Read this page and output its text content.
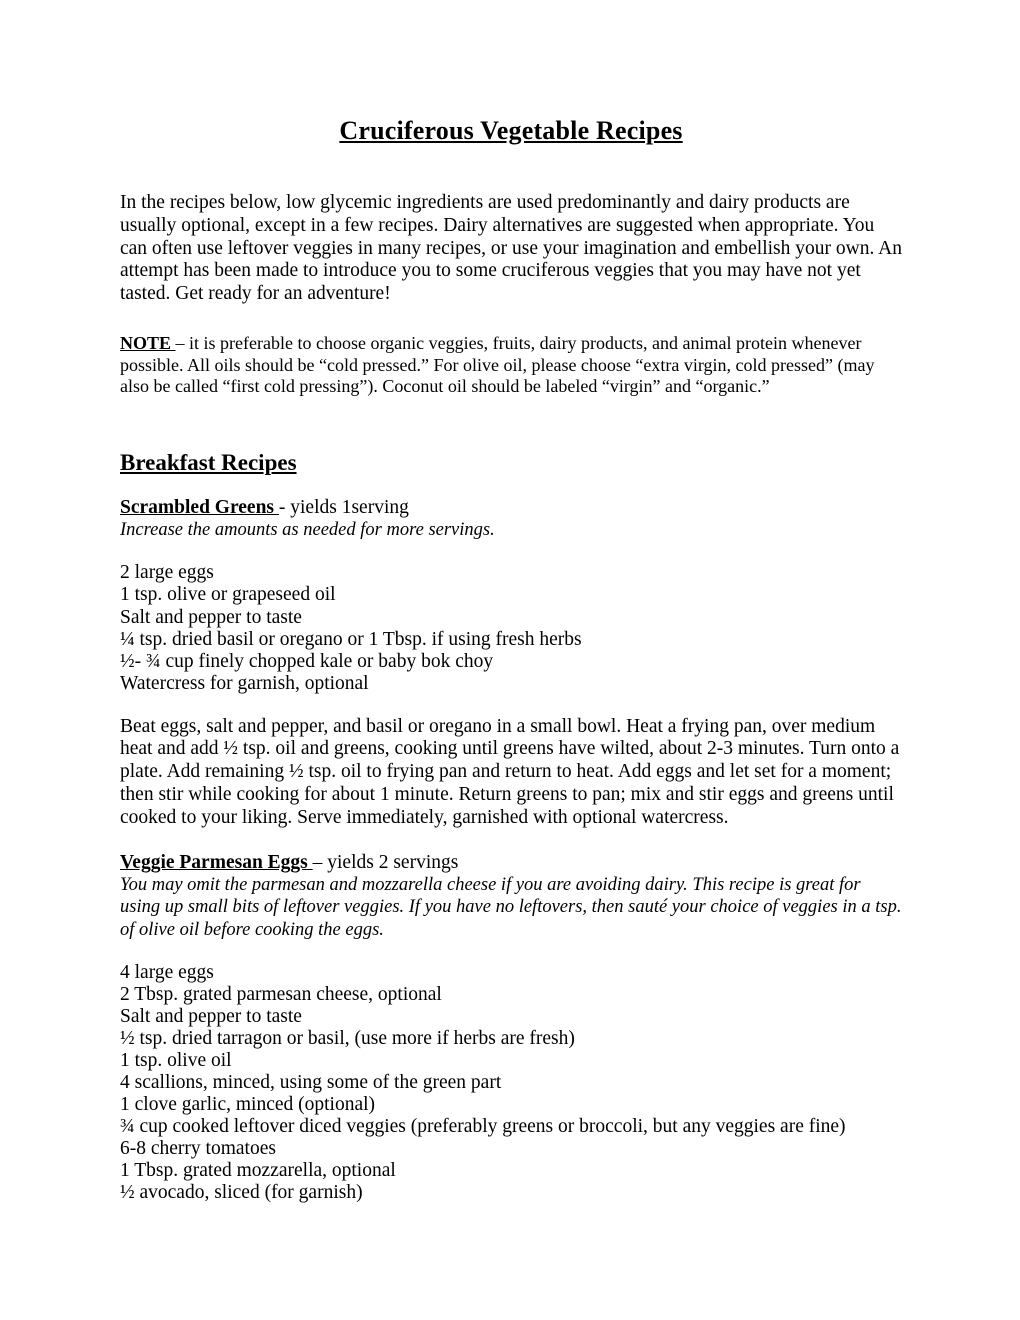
Cruciferous Vegetable Recipes

In the recipes below, low glycemic ingredients are used predominantly and dairy products are usually optional, except in a few recipes. Dairy alternatives are suggested when appropriate. You can often use leftover veggies in many recipes, or use your imagination and embellish your own. An attempt has been made to introduce you to some cruciferous veggies that you may have not yet tasted. Get ready for an adventure!

NOTE – it is preferable to choose organic veggies, fruits, dairy products, and animal protein whenever possible. All oils should be “cold pressed.” For olive oil, please choose “extra virgin, cold pressed” (may also be called “first cold pressing”). Coconut oil should be labeled “virgin” and “organic.”

Breakfast Recipes

Scrambled Greens - yields 1serving

Increase the amounts as needed for more servings.

2 large eggs
1 tsp. olive or grapeseed oil
Salt and pepper to taste
¼ tsp. dried basil or oregano or 1 Tbsp. if using fresh herbs
½- ¾ cup finely chopped kale or baby bok choy
Watercress for garnish, optional

Beat eggs, salt and pepper, and basil or oregano in a small bowl. Heat a frying pan, over medium heat and add ½ tsp. oil and greens, cooking until greens have wilted, about 2-3 minutes. Turn onto a plate. Add remaining ½ tsp. oil to frying pan and return to heat. Add eggs and let set for a moment; then stir while cooking for about 1 minute. Return greens to pan; mix and stir eggs and greens until cooked to your liking. Serve immediately, garnished with optional watercress.

Veggie Parmesan Eggs – yields 2 servings

You may omit the parmesan and mozzarella cheese if you are avoiding dairy. This recipe is great for using up small bits of leftover veggies. If you have no leftovers, then sauté your choice of veggies in a tsp. of olive oil before cooking the eggs.

4 large eggs
2 Tbsp. grated parmesan cheese, optional
Salt and pepper to taste
½ tsp. dried tarragon or basil, (use more if herbs are fresh)
1 tsp. olive oil
4 scallions, minced, using some of the green part
1 clove garlic, minced (optional)
¾ cup cooked leftover diced veggies (preferably greens or broccoli, but any veggies are fine)
6-8 cherry tomatoes
1 Tbsp. grated mozzarella, optional
½ avocado, sliced (for garnish)
